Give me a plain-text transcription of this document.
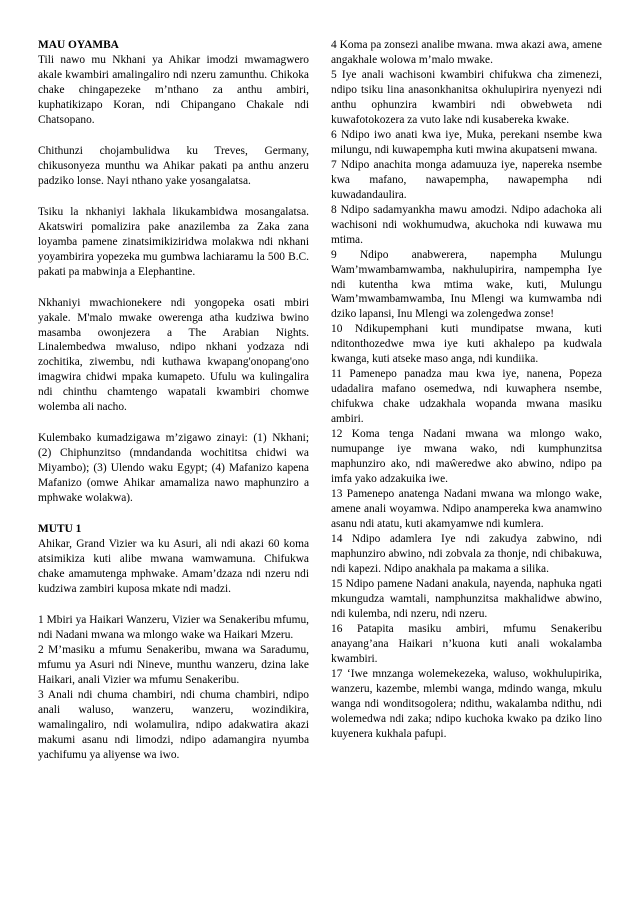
MAU OYAMBA

Tili nawo mu Nkhani ya Ahikar imodzi mwamagwero akale kwambiri amalingaliro ndi nzeru zamunthu. Chikoka chake chingapezeke m’nthano za anthu ambiri, kuphatikizapo Koran, ndi Chipangano Chakale ndi Chatsopano.

Chithunzi chojambulidwa ku Treves, Germany, chikusonyeza munthu wa Ahikar pakati pa anthu anzeru padziko lonse. Nayi nthano yake yosangalatsa.

Tsiku la nkhaniyi lakhala likukambidwa mosangalatsa. Akatswiri pomalizira pake anazilemba za Zaka zana loyamba pamene zinatsimikiziridwa molakwa ndi nkhani yoyambirira yopezeka mu gumbwa lachiaramu la 500 B.C. pakati pa mabwinja a Elephantine.

Nkhaniyi mwachionekere ndi yongopeka osati mbiri yakale. M'malo mwake owerenga atha kudziwa bwino masamba owonjezera a The Arabian Nights. Linalembedwa mwaluso, ndipo nkhani yodzaza ndi zochitika, ziwembu, ndi kuthawa kwapang'onopang'ono imagwira chidwi mpaka kumapeto. Ufulu wa kulingalira ndi chinthu chamtengo wapatali kwambiri chomwe wolemba ali nacho.

Kulembako kumadzigawa m’zigawo zinayi: (1) Nkhani; (2) Chiphunzitso (mndandanda wochititsa chidwi wa Miyambo); (3) Ulendo waku Egypt; (4) Mafanizo kapena Mafanizo (omwe Ahikar amamaliza nawo maphunziro a mphwake wolakwa).

MUTU 1

Ahikar, Grand Vizier wa ku Asuri, ali ndi akazi 60 koma atsimikiza kuti alibe mwana wamwamuna. Chifukwa chake amamutenga mphwake. Amam’dzaza ndi nzeru ndi kudziwa zambiri kuposa mkate ndi madzi.

1 Mbiri ya Haikari Wanzeru, Vizier wa Senakeribu mfumu, ndi Nadani mwana wa mlongo wake wa Haikari Mzeru.

2 M’masiku a mfumu Senakeribu, mwana wa Saradumu, mfumu ya Asuri ndi Nineve, munthu wanzeru, dzina lake Haikari, anali Vizier wa mfumu Senakeribu.

3 Anali ndi chuma chambiri, ndi chuma chambiri, ndipo anali waluso, wanzeru, wanzeru, wozindikira, wamalingaliro, ndi wolamulira, ndipo adakwatira akazi makumi asanu ndi limodzi, ndipo adamangira nyumba yachifumu ya aliyense wa iwo.

4 Koma pa zonsezi analibe mwana. mwa akazi awa, amene angakhale wolowa m’malo mwake.

5 Iye anali wachisoni kwambiri chifukwa cha zimenezi, ndipo tsiku lina anasonkhanitsa okhulupirira nyenyezi ndi anthu ophunzira kwambiri ndi obwebweta ndi kuwafotokozera za vuto lake ndi kusabereka kwake.

6 Ndipo iwo anati kwa iye, Muka, perekani nsembe kwa milungu, ndi kuwapempha kuti mwina akupatseni mwana.

7 Ndipo anachita monga adamuuza iye, napereka nsembe kwa mafano, nawapempha, nawapempha ndi kuwadandaulira.

8 Ndipo sadamyankha mawu amodzi. Ndipo adachoka ali wachisoni ndi wokhumudwa, akuchoka ndi kuwawa mu mtima.

9 Ndipo anabwerera, napempha Mulungu Wam’mwambamwamba, nakhulupirira, nampempha Iye ndi kutentha kwa mtima wake, kuti, Mulungu Wam’mwambamwamba, Inu Mlengi wa kumwamba ndi dziko lapansi, Inu Mlengi wa zolengedwa zonse!

10 Ndikupemphani kuti mundipatse mwana, kuti nditonthozedwe mwa iye kuti akhalepo pa kudwala kwanga, kuti atseke maso anga, ndi kundiika.

11 Pamenepo panadza mau kwa iye, nanena, Popeza udadalira mafano osemedwa, ndi kuwaphera nsembe, chifukwa chake udzakhala wopanda mwana masiku ambiri.

12 Koma tenga Nadani mwana wa mlongo wako, numupange iye mwana wako, ndi kumphunzitsa maphunziro ako, ndi maŵeredwe ako abwino, ndipo pa imfa yako adzakuika iwe.

13 Pamenepo anatenga Nadani mwana wa mlongo wake, amene anali woyamwa. Ndipo anampereka kwa anamwino asanu ndi atatu, kuti akamyamwe ndi kumlera.

14 Ndipo adamlera Iye ndi zakudya zabwino, ndi maphunziro abwino, ndi zobvala za thonje, ndi chibakuwa, ndi kapezi. Ndipo anakhala pa makama a silika.

15 Ndipo pamene Nadani anakula, nayenda, naphuka ngati mkungudza wamtali, namphunzitsa makhalidwe abwino, ndi kulemba, ndi nzeru, ndi nzeru.

16 Patapita masiku ambiri, mfumu Senakeribu anayang’ana Haikari n’kuona kuti anali wokalamba kwambiri.

17 ‘Iwe mnzanga wolemekezeka, waluso, wokhulupirika, wanzeru, kazembe, mlembi wanga, mdindo wanga, mkulu wanga ndi wonditsogolera; ndithu, wakalamba ndithu, ndi wolemedwa ndi zaka; ndipo kuchoka kwako pa dziko lino kuyenera kukhala pafupi.
